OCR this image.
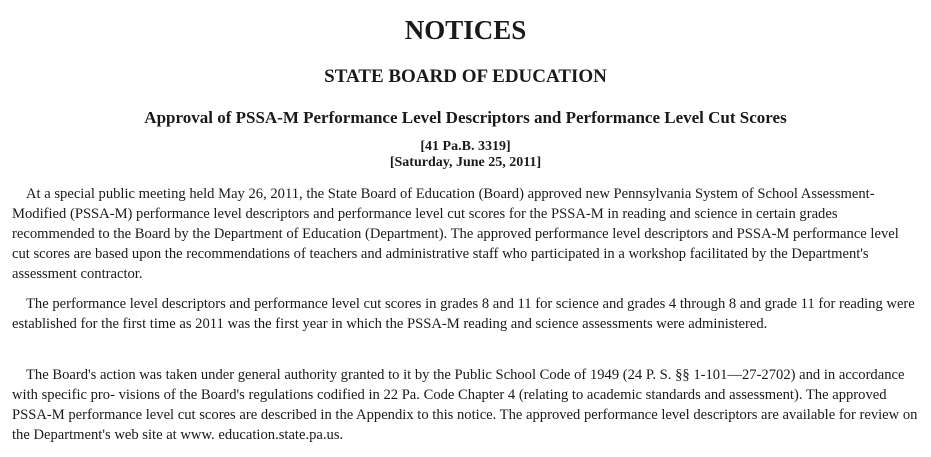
NOTICES
STATE BOARD OF EDUCATION
Approval of PSSA-M Performance Level Descriptors and Performance Level Cut Scores
[41 Pa.B. 3319]
[Saturday, June 25, 2011]

At a special public meeting held May 26, 2011, the State Board of Education (Board) approved new Pennsylvania System of School Assessment-Modified (PSSA-M) performance level descriptors and performance level cut scores for the PSSA-M in reading and science in certain grades recommended to the Board by the Department of Education (Department). The approved performance level descriptors and PSSA-M performance level cut scores are based upon the recommendations of teachers and administrative staff who participated in a workshop facilitated by the Department's assessment contractor.

The performance level descriptors and performance level cut scores in grades 8 and 11 for science and grades 4 through 8 and grade 11 for reading were established for the first time as 2011 was the first year in which the PSSA-M reading and science assessments were administered.

The Board's action was taken under general authority granted to it by the Public School Code of 1949 (24 P. S. §§ 1-101—27-2702) and in accordance with specific pro- visions of the Board's regulations codified in 22 Pa. Code Chapter 4 (relating to academic standards and assessment). The approved PSSA-M performance level cut scores are described in the Appendix to this notice. The approved performance level descriptors are available for review on the Department's web site at www. education.state.pa.us.
